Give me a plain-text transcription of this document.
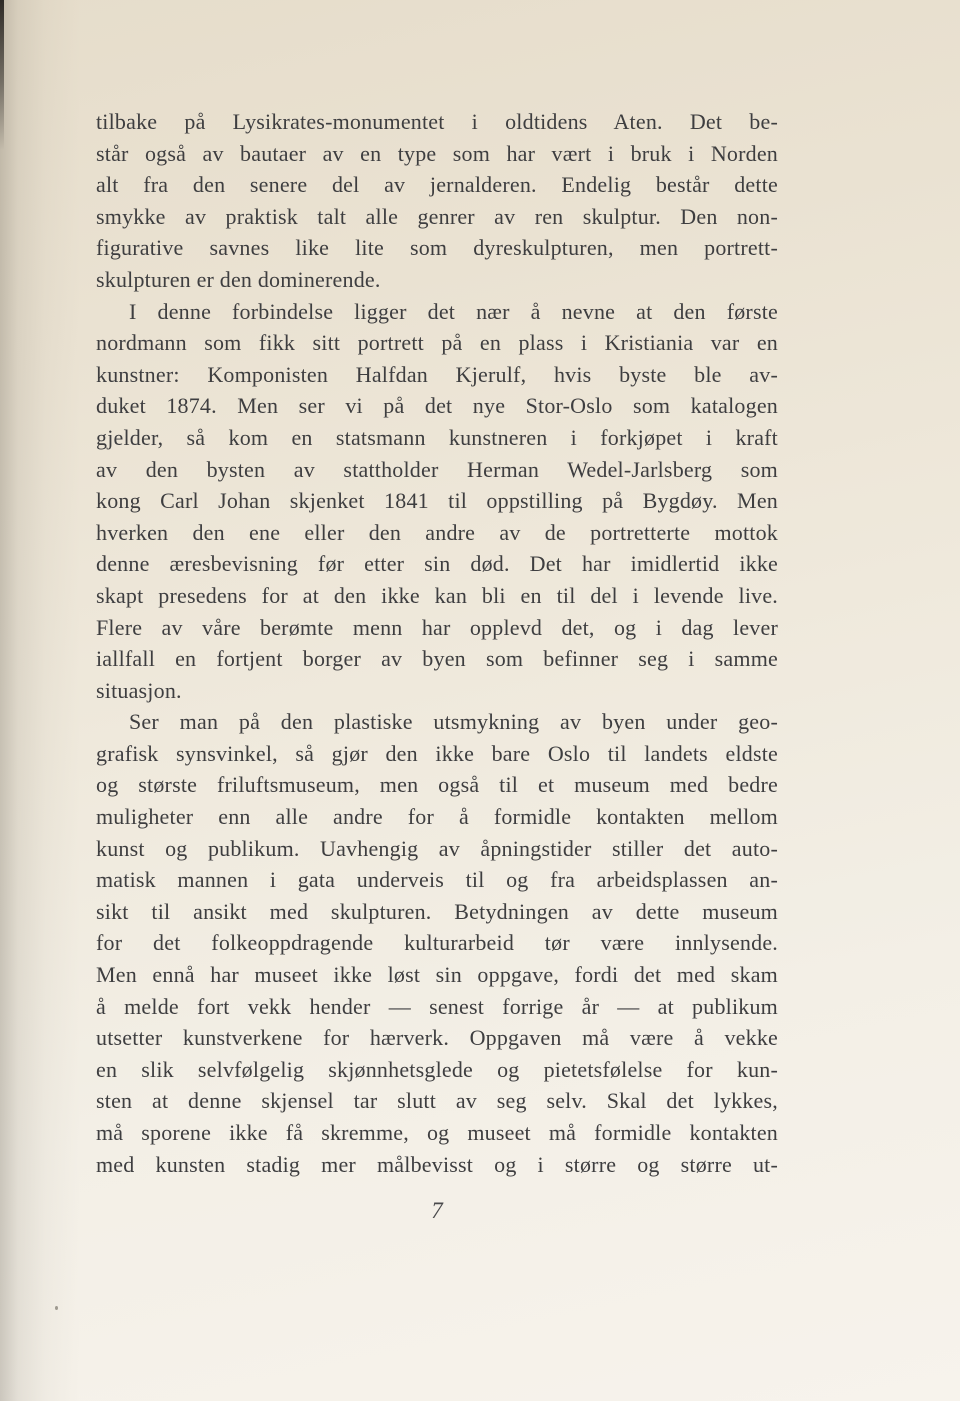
tilbake på Lysikrates-monumentet i oldtidens Aten. Det be-
står også av bautaer av en type som har vært i bruk i Norden
alt fra den senere del av jernalderen. Endelig består dette
smykke av praktisk talt alle genrer av ren skulptur. Den non-
figurative savnes like lite som dyreskulpturen, men portrett-
skulpturen er den dominerende.
I denne forbindelse ligger det nær å nevne at den første
nordmann som fikk sitt portrett på en plass i Kristiania var en
kunstner: Komponisten Halfdan Kjerulf, hvis byste ble av-
duket 1874. Men ser vi på det nye Stor-Oslo som katalogen
gjelder, så kom en statsmann kunstneren i forkjøpet i kraft
av den bysten av stattholder Herman Wedel-Jarlsberg som
kong Carl Johan skjenket 1841 til oppstilling på Bygdøy. Men
hverken den ene eller den andre av de portretterte mottok
denne æresbevisning før etter sin død. Det har imidlertid ikke
skapt presedens for at den ikke kan bli en til del i levende live.
Flere av våre berømte menn har opplevd det, og i dag lever
iallfall en fortjent borger av byen som befinner seg i samme
situasjon.
Ser man på den plastiske utsmykning av byen under geo-
grafisk synsvinkel, så gjør den ikke bare Oslo til landets eldste
og største friluftsmuseum, men også til et museum med bedre
muligheter enn alle andre for å formidle kontakten mellom
kunst og publikum. Uavhengig av åpningstider stiller det auto-
matisk mannen i gata underveis til og fra arbeidsplassen an-
sikt til ansikt med skulpturen. Betydningen av dette museum
for det folkeoppdragende kulturarbeid tør være innlysende.
Men ennå har museet ikke løst sin oppgave, fordi det med skam
å melde fort vekk hender — senest forrige år — at publikum
utsetter kunstverkene for hærverk. Oppgaven må være å vekke
en slik selvfølgelig skjønnhetsglede og pietetsfølelse for kun-
sten at denne skjensel tar slutt av seg selv. Skal det lykkes,
må sporene ikke få skremme, og museet må formidle kontakten
med kunsten stadig mer målbevisst og i større og større ut-
7
